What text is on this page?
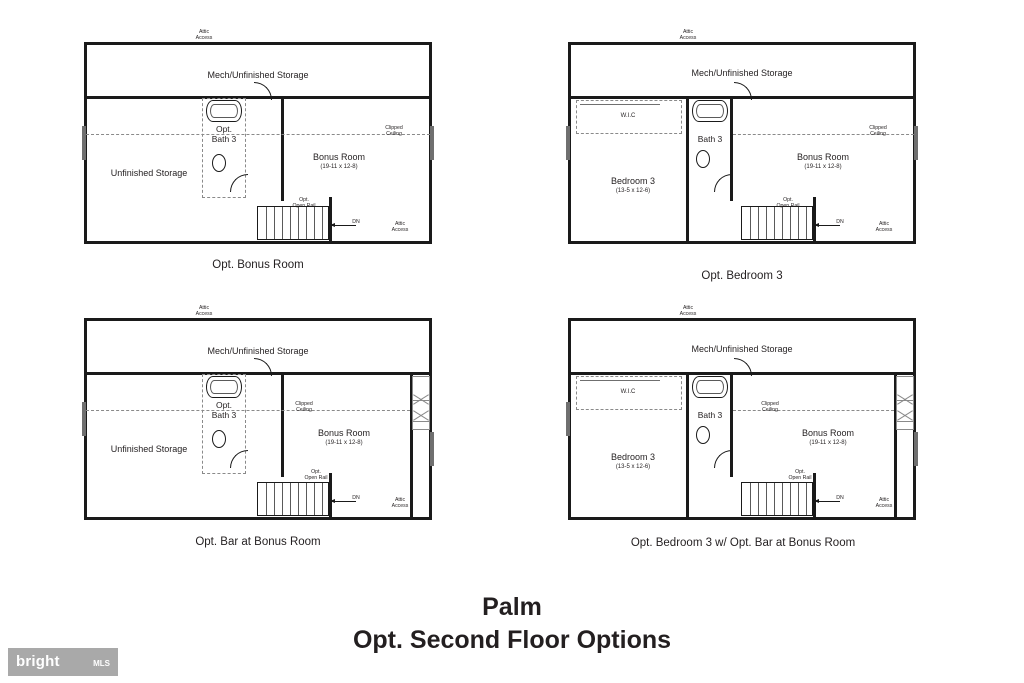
Attic
Access
Mech/Unfinished Storage
Unfinished Storage
Opt.
Bath 3
Bonus Room
(19-11 x 12-8)
Clipped
Ceiling
Opt.
Open Rail
DN	Attic
Access
Opt. Bonus Room
Attic
Access
Mech/Unfinished Storage
W.I.C
Bath 3
Bedroom 3
(13-5 x 12-6)
Bonus Room
(19-11 x 12-8)
Clipped
Ceiling
Opt.
Open Rail
DN	Attic
Access
Opt. Bedroom 3
Attic
Access
Mech/Unfinished Storage
Unfinished Storage
Opt.
Bath 3
Bonus Room
(19-11 x 12-8)
Clipped
Ceiling
Opt.
Open Rail
DN	Attic
Access
Opt. Bar at Bonus Room
Attic
Access
Mech/Unfinished Storage
W.I.C
Bath 3
Bedroom 3
(13-5 x 12-6)
Bonus Room
(19-11 x 12-8)
Clipped
Ceiling
Opt.
Open Rail
DN	Attic
Access
Opt. Bedroom 3 w/ Opt. Bar at Bonus Room
Palm
Opt. Second Floor Options
bright	MLS
